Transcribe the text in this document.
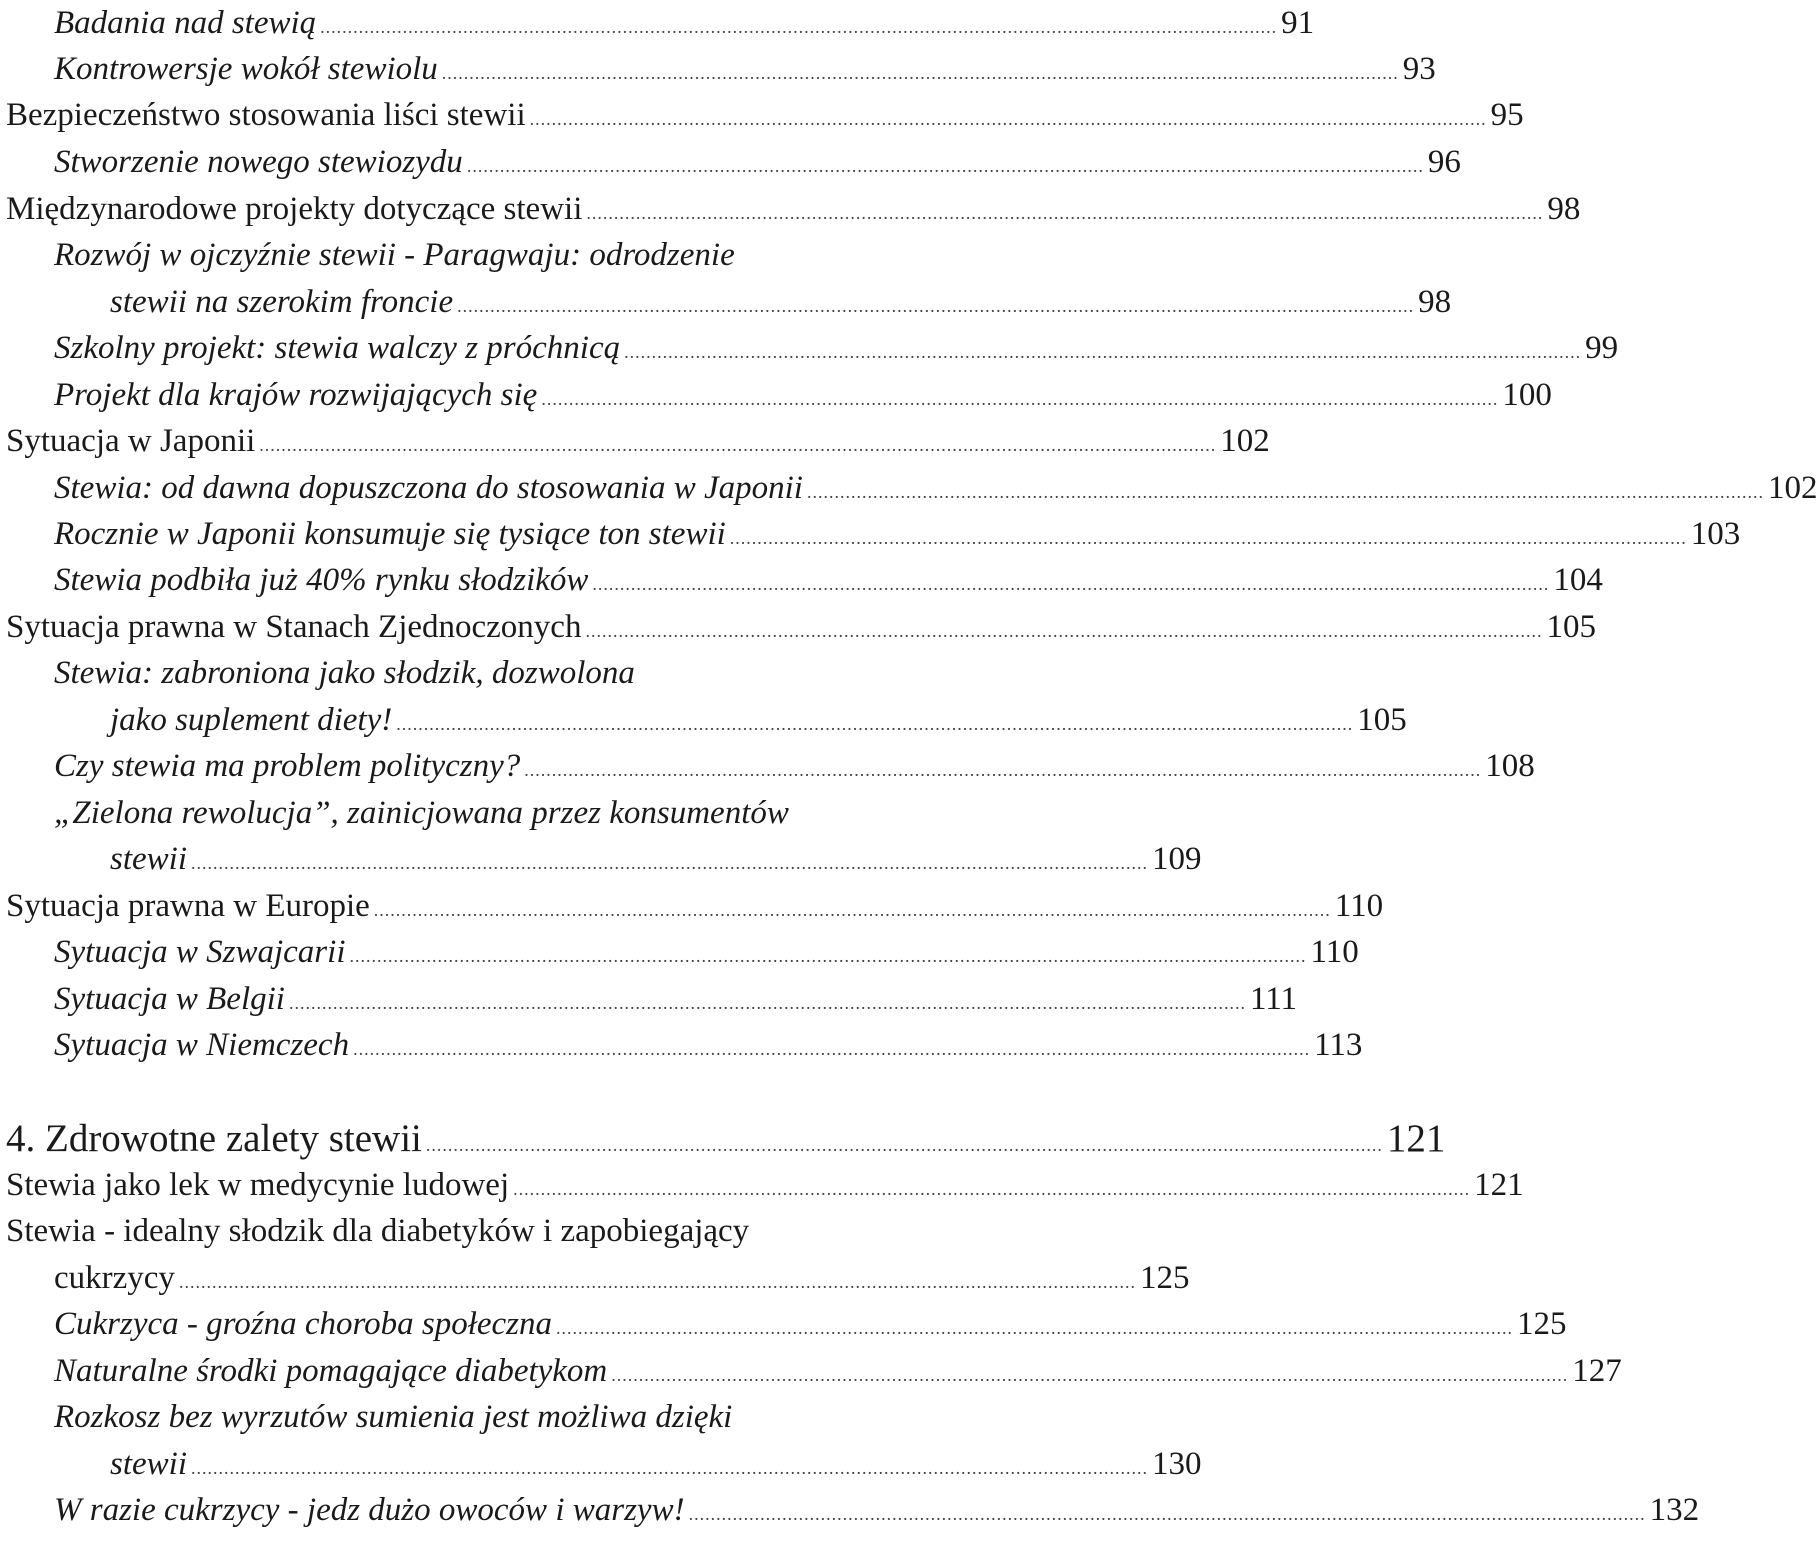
Badania nad stewią .....	91
Kontrowersje wokół stewiolu .....	93
Bezpieczeństwo stosowania liści stewii .....	95
Stworzenie nowego stewiozydu .....	96
Międzynarodowe projekty dotyczące stewii .....	98
Rozwój w ojczyźnie stewii - Paragwaju: odrodzenie
stewii na szerokim froncie .....	98
Szkolny projekt: stewia walczy z próchnicą .....	99
Projekt dla krajów rozwijających się .....	100
Sytuacja w Japonii .....	102
Stewia: od dawna dopuszczona do stosowania w Japonii .....	102
Rocznie w Japonii konsumuje się tysiące ton stewii .....	103
Stewia podbiła już 40% rynku słodzików .....	104
Sytuacja prawna w Stanach Zjednoczonych .....	105
Stewia: zabroniona jako słodzik, dozwolona
jako suplement diety! .....	105
Czy stewia ma problem polityczny? .....	108
„Zielona rewolucja”, zainicjowana przez konsumentów
stewii .....	109
Sytuacja prawna w Europie .....	110
Sytuacja w Szwajcarii .....	110
Sytuacja w Belgii .....	111
Sytuacja w Niemczech .....	113
4. Zdrowotne zalety stewii .....	121
Stewia jako lek w medycynie ludowej .....	121
Stewia - idealny słodzik dla diabetyków i zapobiegający
cukrzycy .....	125
Cukrzyca - groźna choroba społeczna .....	125
Naturalne środki pomagające diabetykom .....	127
Rozkosz bez wyrzutów sumienia jest możliwa dzięki
stewii .....	130
W razie cukrzycy - jedz dużo owoców i warzyw! .....	132
